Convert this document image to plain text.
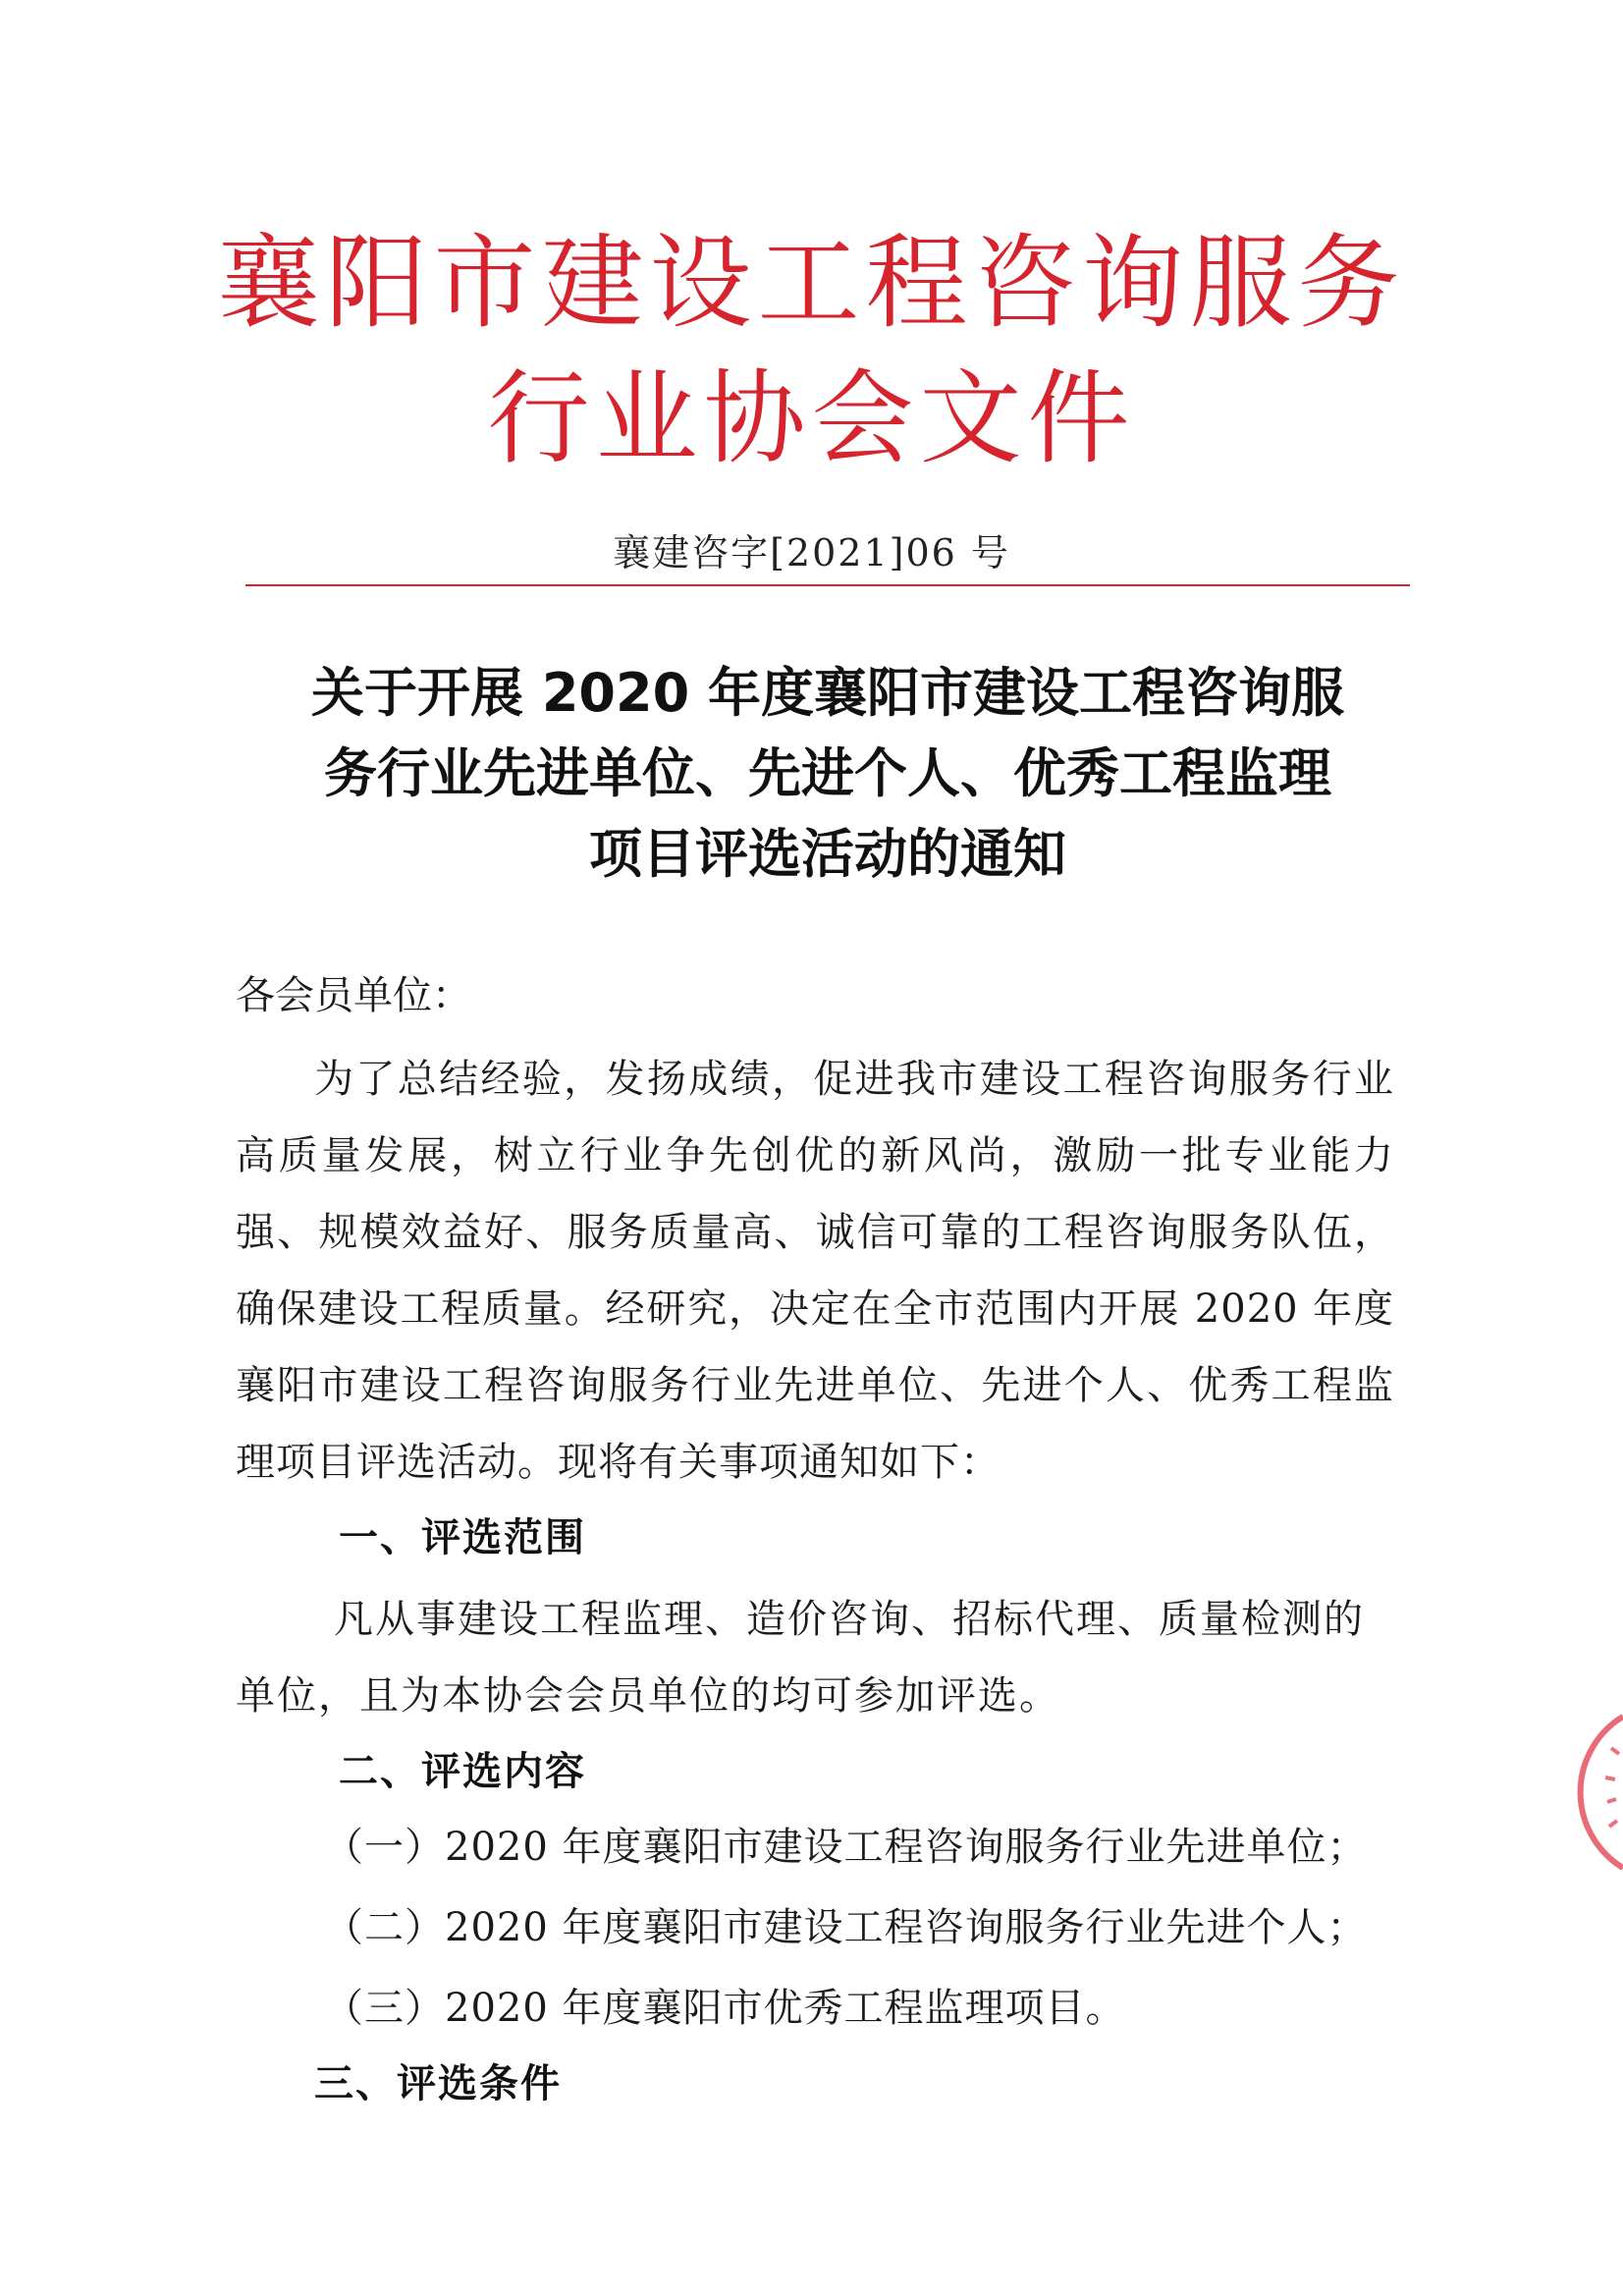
襄阳市建设工程咨询服务
行业协会文件
襄建咨字[2021]06 号
关于开展 2020 年度襄阳市建设工程咨询服
务行业先进单位、先进个人、优秀工程监理
项目评选活动的通知

各会员单位：

为了总结经验，发扬成绩，促进我市建设工程咨询服务行业高质量发展，树立行业争先创优的新风尚，激励一批专业能力强、规模效益好、服务质量高、诚信可靠的工程咨询服务队伍，确保建设工程质量。经研究，决定在全市范围内开展 2020 年度襄阳市建设工程咨询服务行业先进单位、先进个人、优秀工程监理项目评选活动。现将有关事项通知如下：

一、评选范围

凡从事建设工程监理、造价咨询、招标代理、质量检测的单位，且为本协会会员单位的均可参加评选。

二、评选内容
（一）2020 年度襄阳市建设工程咨询服务行业先进单位；
（二）2020 年度襄阳市建设工程咨询服务行业先进个人；
（三）2020 年度襄阳市优秀工程监理项目。
三、评选条件
